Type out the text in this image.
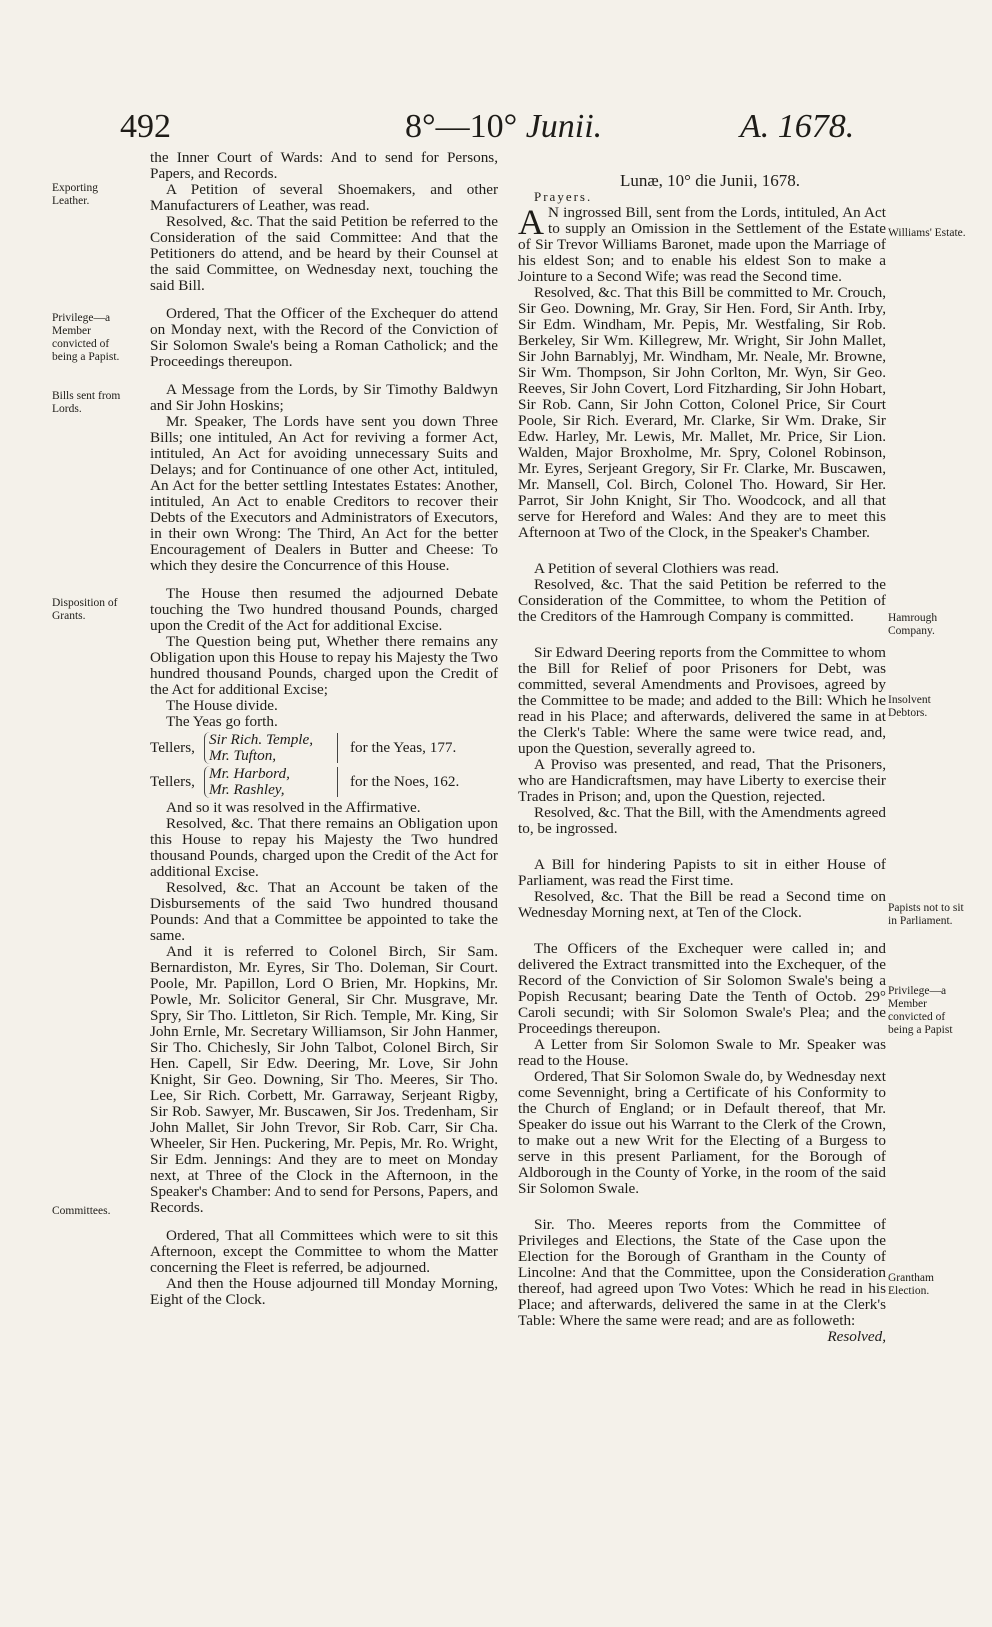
492	8°—10° Junii.	A. 1678.
Exporting Leather.
Privilege—a Member convicted of being a Papist.
Bills sent from Lords.
Disposition of Grants.
Committees.
Williams' Estate.
Hamrough Company.
Insolvent Debtors.
Papists not to sit in Parliament.
Privilege—a Member convicted of being a Papist
Grantham Election.

the Inner Court of Wards: And to send for Persons, Papers, and Records.

A Petition of several Shoemakers, and other Manufacturers of Leather, was read.

Resolved, &c. That the said Petition be referred to the Consideration of the said Committee: And that the Petitioners do attend, and be heard by their Counsel at the said Committee, on Wednesday next, touching the said Bill.

Ordered, That the Officer of the Exchequer do attend on Monday next, with the Record of the Conviction of Sir Solomon Swale's being a Roman Catholick; and the Proceedings thereupon.

A Message from the Lords, by Sir Timothy Baldwyn and Sir John Hoskins;

Mr. Speaker, The Lords have sent you down Three Bills; one intituled, An Act for reviving a former Act, intituled, An Act for avoiding unnecessary Suits and Delays; and for Continuance of one other Act, intituled, An Act for the better settling Intestates Estates: Another, intituled, An Act to enable Creditors to recover their Debts of the Executors and Administrators of Executors, in their own Wrong: The Third, An Act for the better Encouragement of Dealers in Butter and Cheese: To which they desire the Concurrence of this House.

The House then resumed the adjourned Debate touching the Two hundred thousand Pounds, charged upon the Credit of the Act for additional Excise.

The Question being put, Whether there remains any Obligation upon this House to repay his Majesty the Two hundred thousand Pounds, charged upon the Credit of the Act for additional Excise;

The House divide.

The Yeas go forth.

Tellers, Sir Rich. Temple,
Mr. Tufton,	for the Yeas, 177.
Tellers, Mr. Harbord,
Mr. Rashley,	for the Noes, 162.

And so it was resolved in the Affirmative.

Resolved, &c. That there remains an Obligation upon this House to repay his Majesty the Two hundred thousand Pounds, charged upon the Credit of the Act for additional Excise.

Resolved, &c. That an Account be taken of the Disbursements of the said Two hundred thousand Pounds: And that a Committee be appointed to take the same.

And it is referred to Colonel Birch, Sir Sam. Bernardiston, Mr. Eyres, Sir Tho. Doleman, Sir Court. Poole, Mr. Papillon, Lord O Brien, Mr. Hopkins, Mr. Powle, Mr. Solicitor General, Sir Chr. Musgrave, Mr. Spry, Sir Tho. Littleton, Sir Rich. Temple, Mr. King, Sir John Ernle, Mr. Secretary Williamson, Sir John Hanmer, Sir Tho. Chichesly, Sir John Talbot, Colonel Birch, Sir Hen. Capell, Sir Edw. Deering, Mr. Love, Sir John Knight, Sir Geo. Downing, Sir Tho. Meeres, Sir Tho. Lee, Sir Rich. Corbett, Mr. Garraway, Serjeant Rigby, Sir Rob. Sawyer, Mr. Buscawen, Sir Jos. Tredenham, Sir John Mallet, Sir John Trevor, Sir Rob. Carr, Sir Cha. Wheeler, Sir Hen. Puckering, Mr. Pepis, Mr. Ro. Wright, Sir Edm. Jennings: And they are to meet on Monday next, at Three of the Clock in the Afternoon, in the Speaker's Chamber: And to send for Persons, Papers, and Records.

Ordered, That all Committees which were to sit this Afternoon, except the Committee to whom the Matter concerning the Fleet is referred, be adjourned.

And then the House adjourned till Monday Morning, Eight of the Clock.

Lunæ, 10° die Junii, 1678.

Prayers.

A N ingrossed Bill, sent from the Lords, intituled, An Act to supply an Omission in the Settlement of the Estate of Sir Trevor Williams Baronet, made upon the Marriage of his eldest Son; and to enable his eldest Son to make a Jointure to a Second Wife; was read the Second time.

Resolved, &c. That this Bill be committed to Mr. Crouch, Sir Geo. Downing, Mr. Gray, Sir Hen. Ford, Sir Anth. Irby, Sir Edm. Windham, Mr. Pepis, Mr. Westfaling, Sir Rob. Berkeley, Sir Wm. Killegrew, Mr. Wright, Sir John Mallet, Sir John Barnablyj, Mr. Windham, Mr. Neale, Mr. Browne, Sir Wm. Thompson, Sir John Corlton, Mr. Wyn, Sir Geo. Reeves, Sir John Covert, Lord Fitzharding, Sir John Hobart, Sir Rob. Cann, Sir John Cotton, Colonel Price, Sir Court Poole, Sir Rich. Everard, Mr. Clarke, Sir Wm. Drake, Sir Edw. Harley, Mr. Lewis, Mr. Mallet, Mr. Price, Sir Lion. Walden, Major Broxholme, Mr. Spry, Colonel Robinson, Mr. Eyres, Serjeant Gregory, Sir Fr. Clarke, Mr. Buscawen, Mr. Mansell, Col. Birch, Colonel Tho. Howard, Sir Her. Parrot, Sir John Knight, Sir Tho. Woodcock, and all that serve for Hereford and Wales: And they are to meet this Afternoon at Two of the Clock, in the Speaker's Chamber.

A Petition of several Clothiers was read.

Resolved, &c. That the said Petition be referred to the Consideration of the Committee, to whom the Petition of the Creditors of the Hamrough Company is committed.

Sir Edward Deering reports from the Committee to whom the Bill for Relief of poor Prisoners for Debt, was committed, several Amendments and Provisoes, agreed by the Committee to be made; and added to the Bill: Which he read in his Place; and afterwards, delivered the same in at the Clerk's Table: Where the same were twice read, and, upon the Question, severally agreed to.

A Proviso was presented, and read, That the Prisoners, who are Handicraftsmen, may have Liberty to exercise their Trades in Prison; and, upon the Question, rejected.

Resolved, &c. That the Bill, with the Amendments agreed to, be ingrossed.

A Bill for hindering Papists to sit in either House of Parliament, was read the First time.

Resolved, &c. That the Bill be read a Second time on Wednesday Morning next, at Ten of the Clock.

The Officers of the Exchequer were called in; and delivered the Extract transmitted into the Exchequer, of the Record of the Conviction of Sir Solomon Swale's being a Popish Recusant; bearing Date the Tenth of Octob. 29° Caroli secundi; with Sir Solomon Swale's Plea; and the Proceedings thereupon.

A Letter from Sir Solomon Swale to Mr. Speaker was read to the House.

Ordered, That Sir Solomon Swale do, by Wednesday next come Sevennight, bring a Certificate of his Conformity to the Church of England; or in Default thereof, that Mr. Speaker do issue out his Warrant to the Clerk of the Crown, to make out a new Writ for the Electing of a Burgess to serve in this present Parliament, for the Borough of Aldborough in the County of Yorke, in the room of the said Sir Solomon Swale.

Sir. Tho. Meeres reports from the Committee of Privileges and Elections, the State of the Case upon the Election for the Borough of Grantham in the County of Lincolne: And that the Committee, upon the Consideration thereof, had agreed upon Two Votes: Which he read in his Place; and afterwards, delivered the same in at the Clerk's Table: Where the same were read; and are as followeth:

Resolved,
